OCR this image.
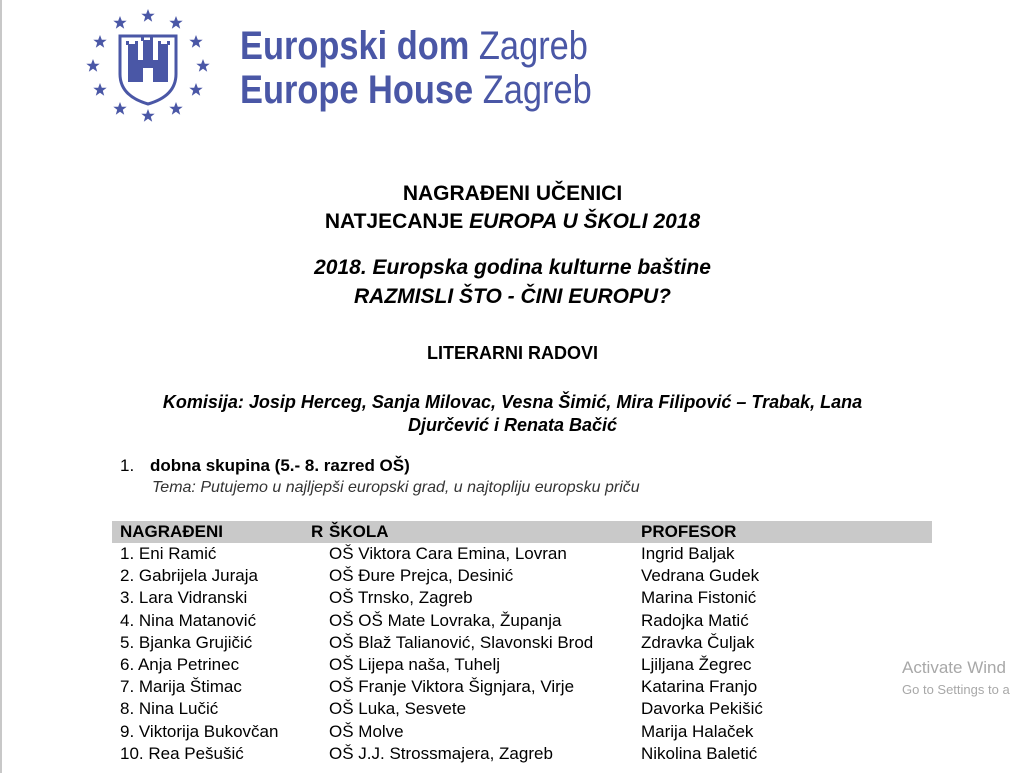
Europski dom Zagreb
Europe House Zagreb
NAGRAĐENI UČENICI
NATJECANJE EUROPA U ŠKOLI 2018
2018. Europska godina kulturne baštine
RAZMISLI ŠTO - ČINI EUROPU?
LITERARNI RADOVI
Komisija: Josip Herceg, Sanja Milovac, Vesna Šimić, Mira Filipović – Trabak, Lana
Djurčević i Renata Bačić
1. dobna skupina (5.- 8. razred OŠ)
Tema: Putujemo u najljepši europski grad, u najtopliju europsku priču
NAGRAĐENI	R ŠKOLA	PROFESOR
1. Eni Ramić	OŠ Viktora Cara Emina, Lovran	Ingrid Baljak
2. Gabrijela Juraja	OŠ Đure Prejca, Desinić	Vedrana Gudek
3. Lara Vidranski	OŠ Trnsko, Zagreb	Marina Fistonić
4. Nina Matanović	OŠ OŠ Mate Lovraka, Županja	Radojka Matić
5. Bjanka Grujičić	OŠ Blaž Talianović, Slavonski Brod	Zdravka Čuljak
6. Anja Petrinec	OŠ Lijepa naša, Tuhelj	Ljiljana Žegrec
7. Marija Štimac	OŠ Franje Viktora Šignjara, Virje	Katarina Franjo
8. Nina Lučić	OŠ Luka, Sesvete	Davorka Pekišić
9. Viktorija Bukovčan	OŠ Molve	Marija Halaček
10. Rea Pešušić	OŠ J.J. Strossmajera, Zagreb	Nikolina Baletić
Activate Wind
Go to Settings to a
